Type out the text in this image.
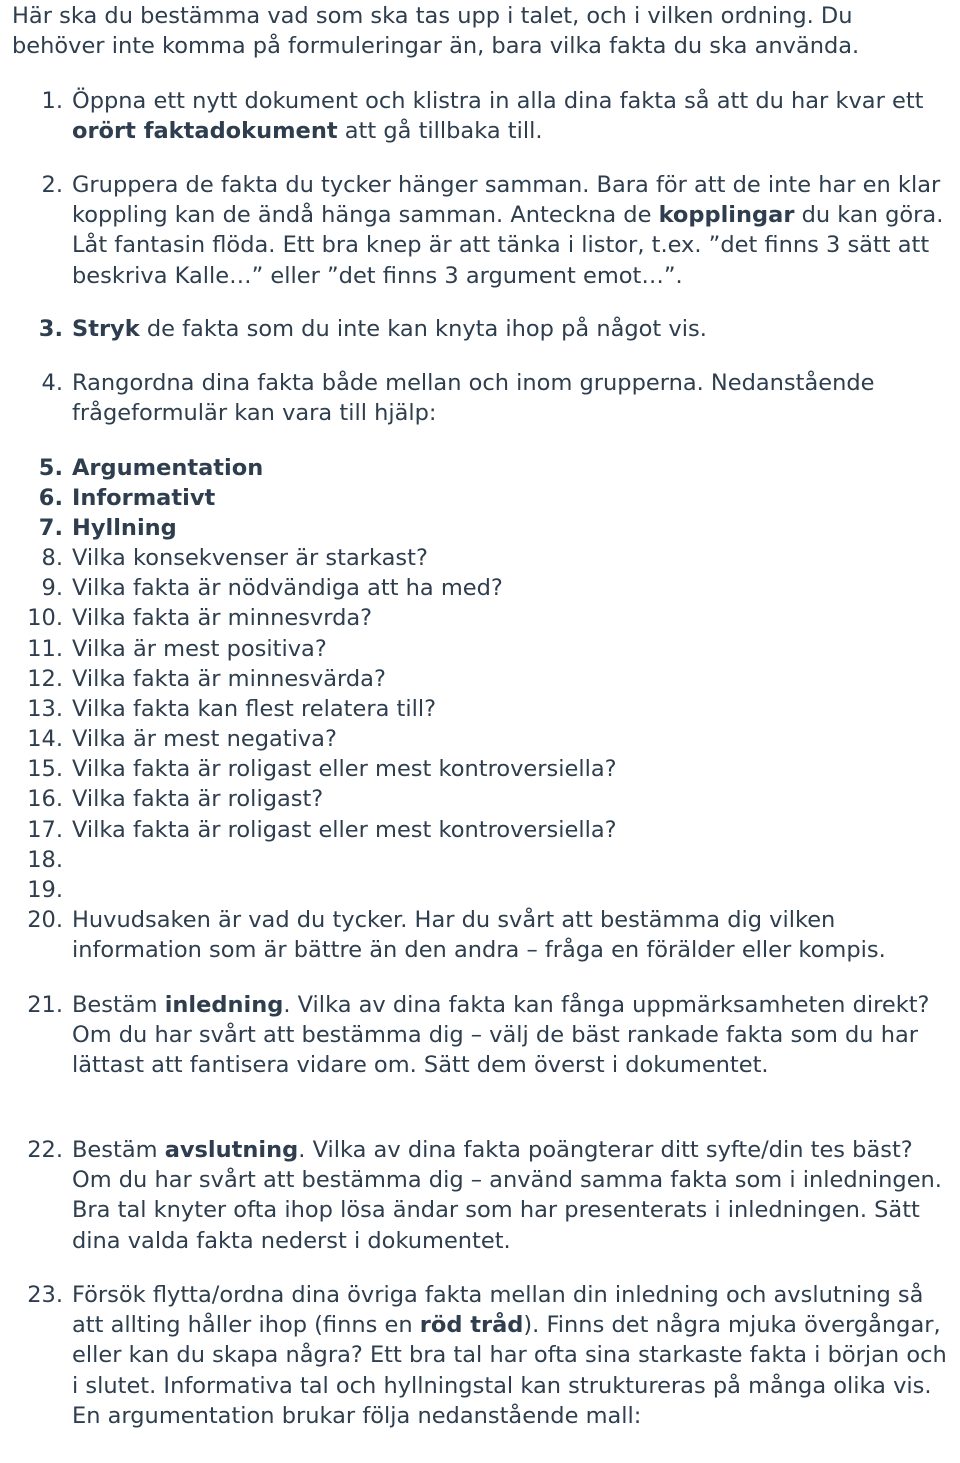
Här ska du bestämma vad som ska tas upp i talet, och i vilken ordning. Du

behöver inte komma på formuleringar än, bara vilka fakta du ska använda.

1. Öppna ett nytt dokument och klistra in alla dina fakta så att du har kvar ett orört faktadokument att gå tillbaka till.
2. Gruppera de fakta du tycker hänger samman. Bara för att de inte har en klar koppling kan de ändå hänga samman. Anteckna de kopplingar du kan göra. Låt fantasin flöda. Ett bra knep är att tänka i listor, t.ex. ”det finns 3 sätt att beskriva Kalle…” eller ”det finns 3 argument emot…”.
3. Stryk de fakta som du inte kan knyta ihop på något vis.
4. Rangordna dina fakta både mellan och inom grupperna. Nedanstående frågeformulär kan vara till hjälp:
5. Argumentation
6. Informativt
7. Hyllning
8. Vilka konsekvenser är starkast?
9. Vilka fakta är nödvändiga att ha med?
10. Vilka fakta är minnesvrda?
11. Vilka är mest positiva?
12. Vilka fakta är minnesvärda?
13. Vilka fakta kan flest relatera till?
14. Vilka är mest negativa?
15. Vilka fakta är roligast eller mest kontroversiella?
16. Vilka fakta är roligast?
17. Vilka fakta är roligast eller mest kontroversiella?
18.
19.
20. Huvudsaken är vad du tycker. Har du svårt att bestämma dig vilken information som är bättre än den andra – fråga en förälder eller kompis.
21. Bestäm inledning. Vilka av dina fakta kan fånga uppmärksamheten direkt? Om du har svårt att bestämma dig – välj de bäst rankade fakta som du har lättast att fantisera vidare om. Sätt dem överst i dokumentet.
22. Bestäm avslutning. Vilka av dina fakta poängterar ditt syfte/din tes bäst? Om du har svårt att bestämma dig – använd samma fakta som i inledningen. Bra tal knyter ofta ihop lösa ändar som har presenterats i inledningen. Sätt dina valda fakta nederst i dokumentet.
23. Försök flytta/ordna dina övriga fakta mellan din inledning och avslutning så att allting håller ihop (finns en röd tråd). Finns det några mjuka övergångar, eller kan du skapa några? Ett bra tal har ofta sina starkaste fakta i början och i slutet. Informativa tal och hyllningstal kan struktureras på många olika vis. En argumentation brukar följa nedanstående mall:
